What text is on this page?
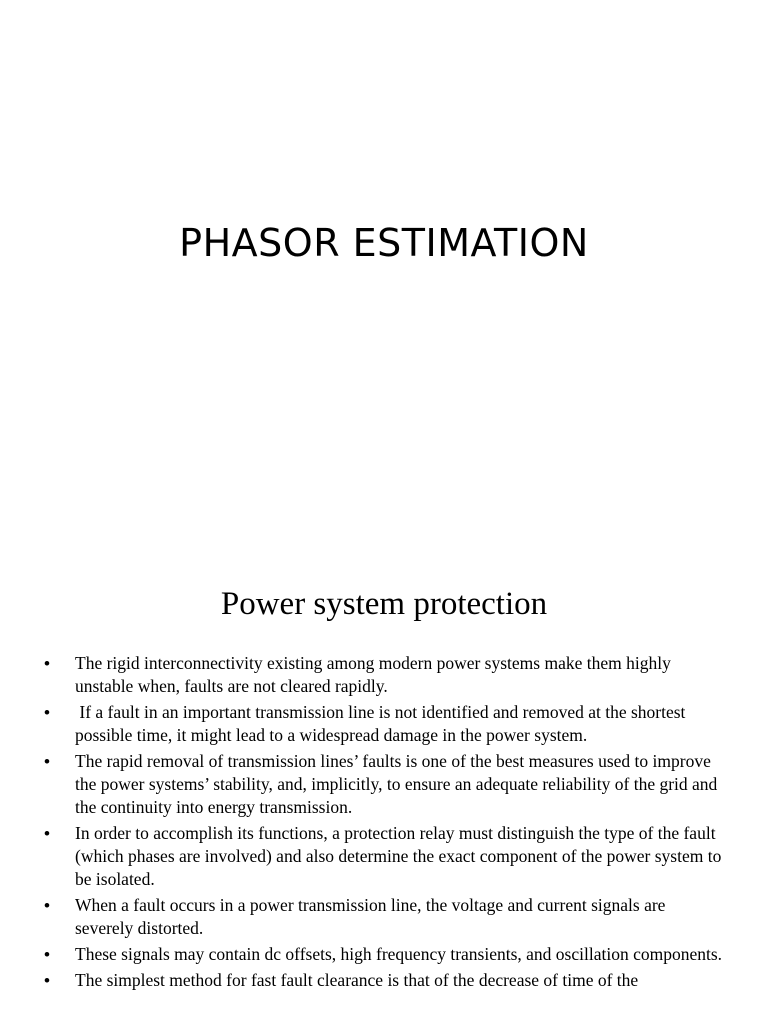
PHASOR ESTIMATION
Power system protection
•	The rigid interconnectivity existing among modern power systems make them highly unstable when, faults are not cleared rapidly.
•	If a fault in an important transmission line is not identified and removed at the shortest possible time, it might lead to a widespread damage in the power system.
•	The rapid removal of transmission lines’ faults is one of the best measures used to improve the power systems’ stability, and, implicitly, to ensure an adequate reliability of the grid and the continuity into energy transmission.
•	In order to accomplish its functions, a protection relay must distinguish the type of the fault (which phases are involved) and also determine the exact component of the power system to be isolated.
•	When a fault occurs in a power transmission line, the voltage and current signals are severely distorted.
•	These signals may contain dc offsets, high frequency transients, and oscillation components.
•	The simplest method for fast fault clearance is that of the decrease of time of the
